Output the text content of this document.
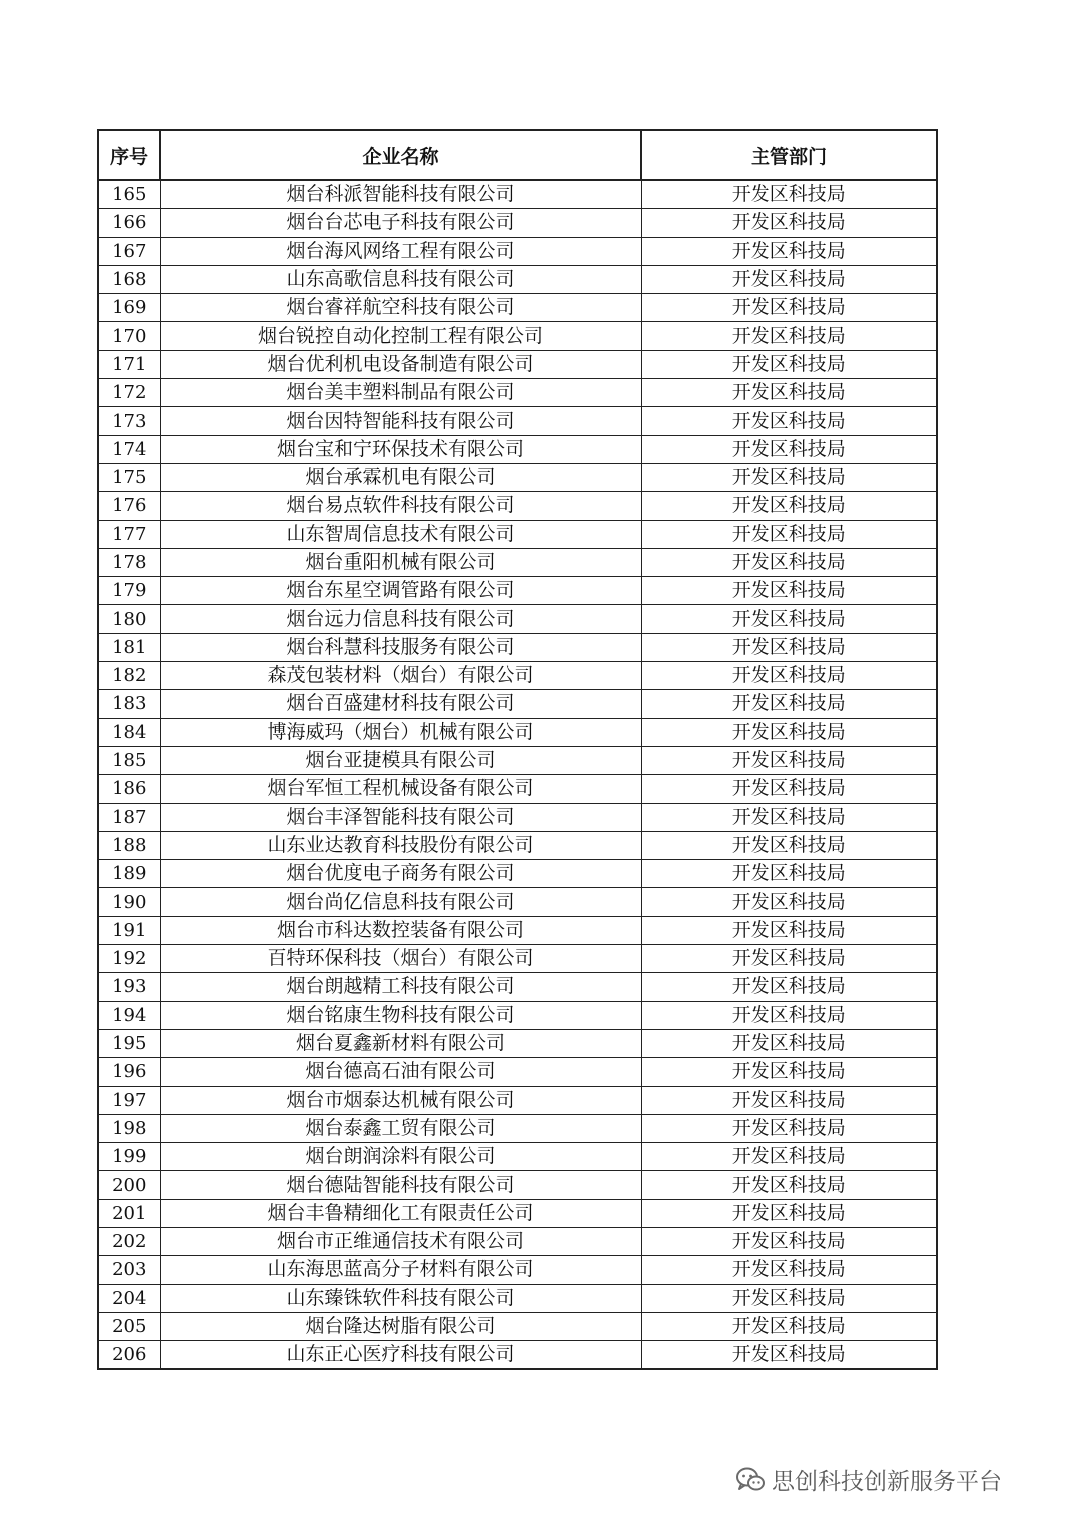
序号	企业名称	主管部门
165	烟台科派智能科技有限公司	开发区科技局
166	烟台台芯电子科技有限公司	开发区科技局
167	烟台海风网络工程有限公司	开发区科技局
168	山东高歌信息科技有限公司	开发区科技局
169	烟台睿祥航空科技有限公司	开发区科技局
170	烟台锐控自动化控制工程有限公司	开发区科技局
171	烟台优利机电设备制造有限公司	开发区科技局
172	烟台美丰塑料制品有限公司	开发区科技局
173	烟台因特智能科技有限公司	开发区科技局
174	烟台宝和宁环保技术有限公司	开发区科技局
175	烟台承霖机电有限公司	开发区科技局
176	烟台易点软件科技有限公司	开发区科技局
177	山东智周信息技术有限公司	开发区科技局
178	烟台重阳机械有限公司	开发区科技局
179	烟台东星空调管路有限公司	开发区科技局
180	烟台远力信息科技有限公司	开发区科技局
181	烟台科慧科技服务有限公司	开发区科技局
182	森茂包装材料（烟台）有限公司	开发区科技局
183	烟台百盛建材科技有限公司	开发区科技局
184	博海威玛（烟台）机械有限公司	开发区科技局
185	烟台亚捷模具有限公司	开发区科技局
186	烟台军恒工程机械设备有限公司	开发区科技局
187	烟台丰泽智能科技有限公司	开发区科技局
188	山东业达教育科技股份有限公司	开发区科技局
189	烟台优度电子商务有限公司	开发区科技局
190	烟台尚亿信息科技有限公司	开发区科技局
191	烟台市科达数控装备有限公司	开发区科技局
192	百特环保科技（烟台）有限公司	开发区科技局
193	烟台朗越精工科技有限公司	开发区科技局
194	烟台铭康生物科技有限公司	开发区科技局
195	烟台夏鑫新材料有限公司	开发区科技局
196	烟台德高石油有限公司	开发区科技局
197	烟台市烟泰达机械有限公司	开发区科技局
198	烟台泰鑫工贸有限公司	开发区科技局
199	烟台朗润涂料有限公司	开发区科技局
200	烟台德陆智能科技有限公司	开发区科技局
201	烟台丰鲁精细化工有限责任公司	开发区科技局
202	烟台市正维通信技术有限公司	开发区科技局
203	山东海思蓝高分子材料有限公司	开发区科技局
204	山东臻铢软件科技有限公司	开发区科技局
205	烟台隆达树脂有限公司	开发区科技局
206	山东正心医疗科技有限公司	开发区科技局
思创科技创新服务平台
